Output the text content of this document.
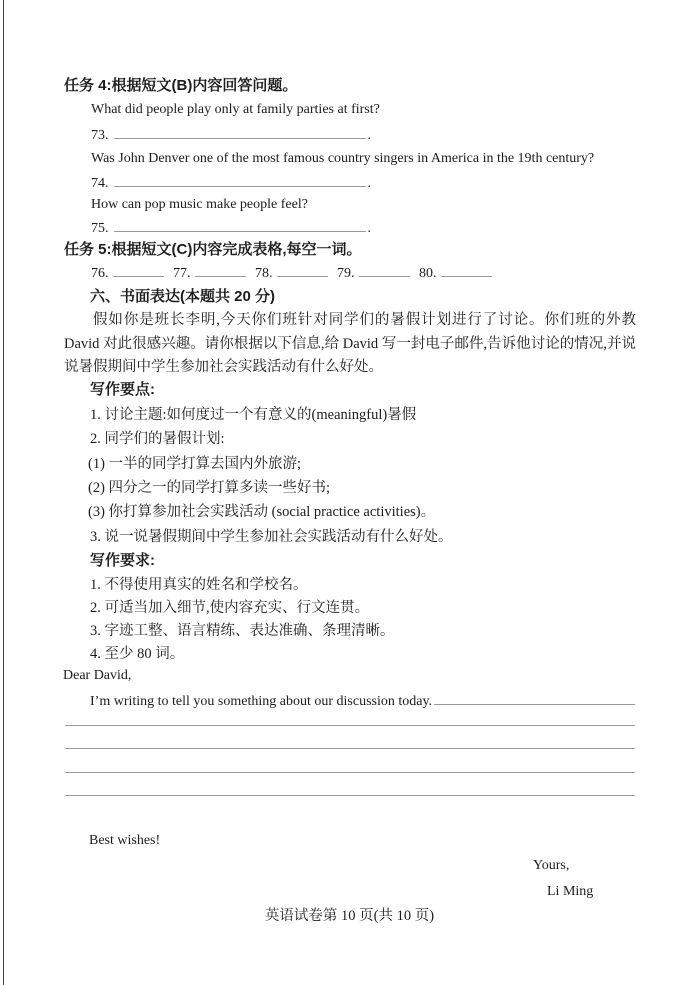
任务 4:根据短文(B)内容回答问题。
What did people play only at family parties at first?
73.	.
Was John Denver one of the most famous country singers in America in the 19th century?
74.	.
How can pop music make people feel?
75.	.
任务 5:根据短文(C)内容完成表格,每空一词。
76.	77.	78.	79.	80.
六、书面表达(本题共 20 分)
假如你是班长李明,今天你们班针对同学们的暑假计划进行了讨论。你们班的外教 David 对此很感兴趣。请你根据以下信息,给 David 写一封电子邮件,告诉他讨论的情况,并说说暑假期间中学生参加社会实践活动有什么好处。
写作要点:
1. 讨论主题:如何度过一个有意义的(meaningful)暑假
2. 同学们的暑假计划:
(1) 一半的同学打算去国内外旅游;
(2) 四分之一的同学打算多读一些好书;
(3) 你打算参加社会实践活动 (social practice activities)。
3. 说一说暑假期间中学生参加社会实践活动有什么好处。
写作要求:
1. 不得使用真实的姓名和学校名。
2. 可适当加入细节,使内容充实、行文连贯。
3. 字迹工整、语言精练、表达准确、条理清晰。
4. 至少 80 词。
Dear David,
I’m writing to tell you something about our discussion today.
Best wishes!
Yours,
Li Ming
英语试卷第 10 页(共 10 页)
